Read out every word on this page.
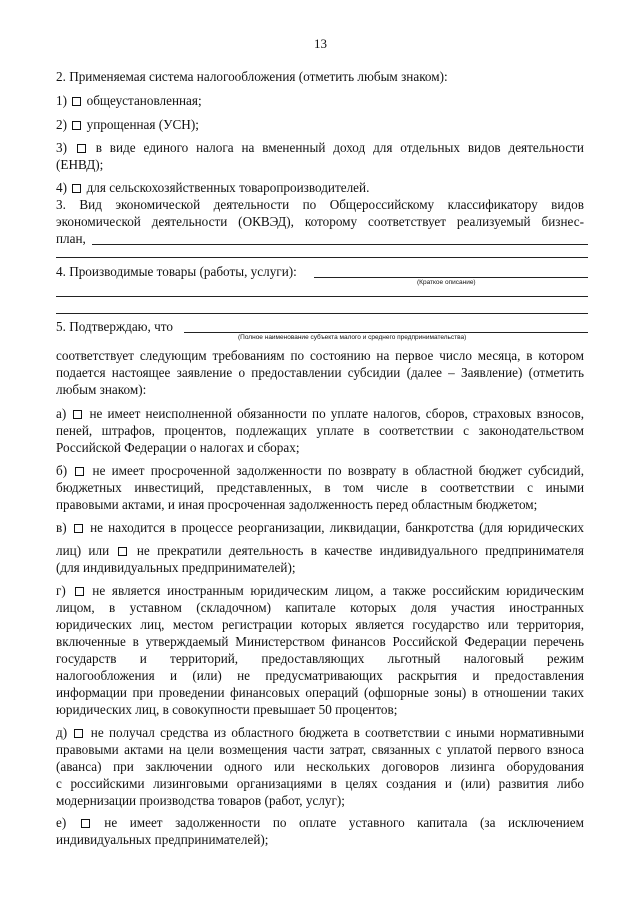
13
2. Применяемая система налогообложения (отметить любым знаком):
1) общеустановленная;
2) упрощенная (УСН);
3) в виде единого налога на вмененный доход для отдельных видов деятельности
(ЕНВД);
4) для сельскохозяйственных товаропроизводителей.
3. Вид экономической деятельности по Общероссийскому классификатору видов
экономической деятельности (ОКВЭД), которому соответствует реализуемый бизнес-
план,
4. Производимые товары (работы, услуги):
(Краткое описание)
5. Подтверждаю, что
(Полное наименование субъекта малого и среднего предпринимательства)
соответствует следующим требованиям по состоянию на первое число месяца, в котором
подается настоящее заявление о предоставлении субсидии (далее – Заявление) (отметить
любым знаком):
а) не имеет неисполненной обязанности по уплате налогов, сборов, страховых взносов,
пеней, штрафов, процентов, подлежащих уплате в соответствии с законодательством
Российской Федерации о налогах и сборах;
б) не имеет просроченной задолженности по возврату в областной бюджет субсидий,
бюджетных инвестиций, представленных, в том числе в соответствии с иными
правовыми актами, и иная просроченная задолженность перед областным бюджетом;
в) не находится в процессе реорганизации, ликвидации, банкротства (для юридических
лиц) или не прекратили деятельность в качестве индивидуального предпринимателя
(для индивидуальных предпринимателей);
г) не является иностранным юридическим лицом, а также российским юридическим
лицом, в уставном (складочном) капитале которых доля участия иностранных
юридических лиц, местом регистрации которых является государство или территория,
включенные в утверждаемый Министерством финансов Российской Федерации перечень
государств и территорий, предоставляющих льготный налоговый режим
налогообложения и (или) не предусматривающих раскрытия и предоставления
информации при проведении финансовых операций (офшорные зоны) в отношении таких
юридических лиц, в совокупности превышает 50 процентов;
д) не получал средства из областного бюджета в соответствии с иными нормативными
правовыми актами на цели возмещения части затрат, связанных с уплатой первого взноса
(аванса) при заключении одного или нескольких договоров лизинга оборудования
с российскими лизинговыми организациями в целях создания и (или) развития либо
модернизации производства товаров (работ, услуг);
е)	не имеет задолженности по оплате уставного капитала (за исключением
индивидуальных предпринимателей);
